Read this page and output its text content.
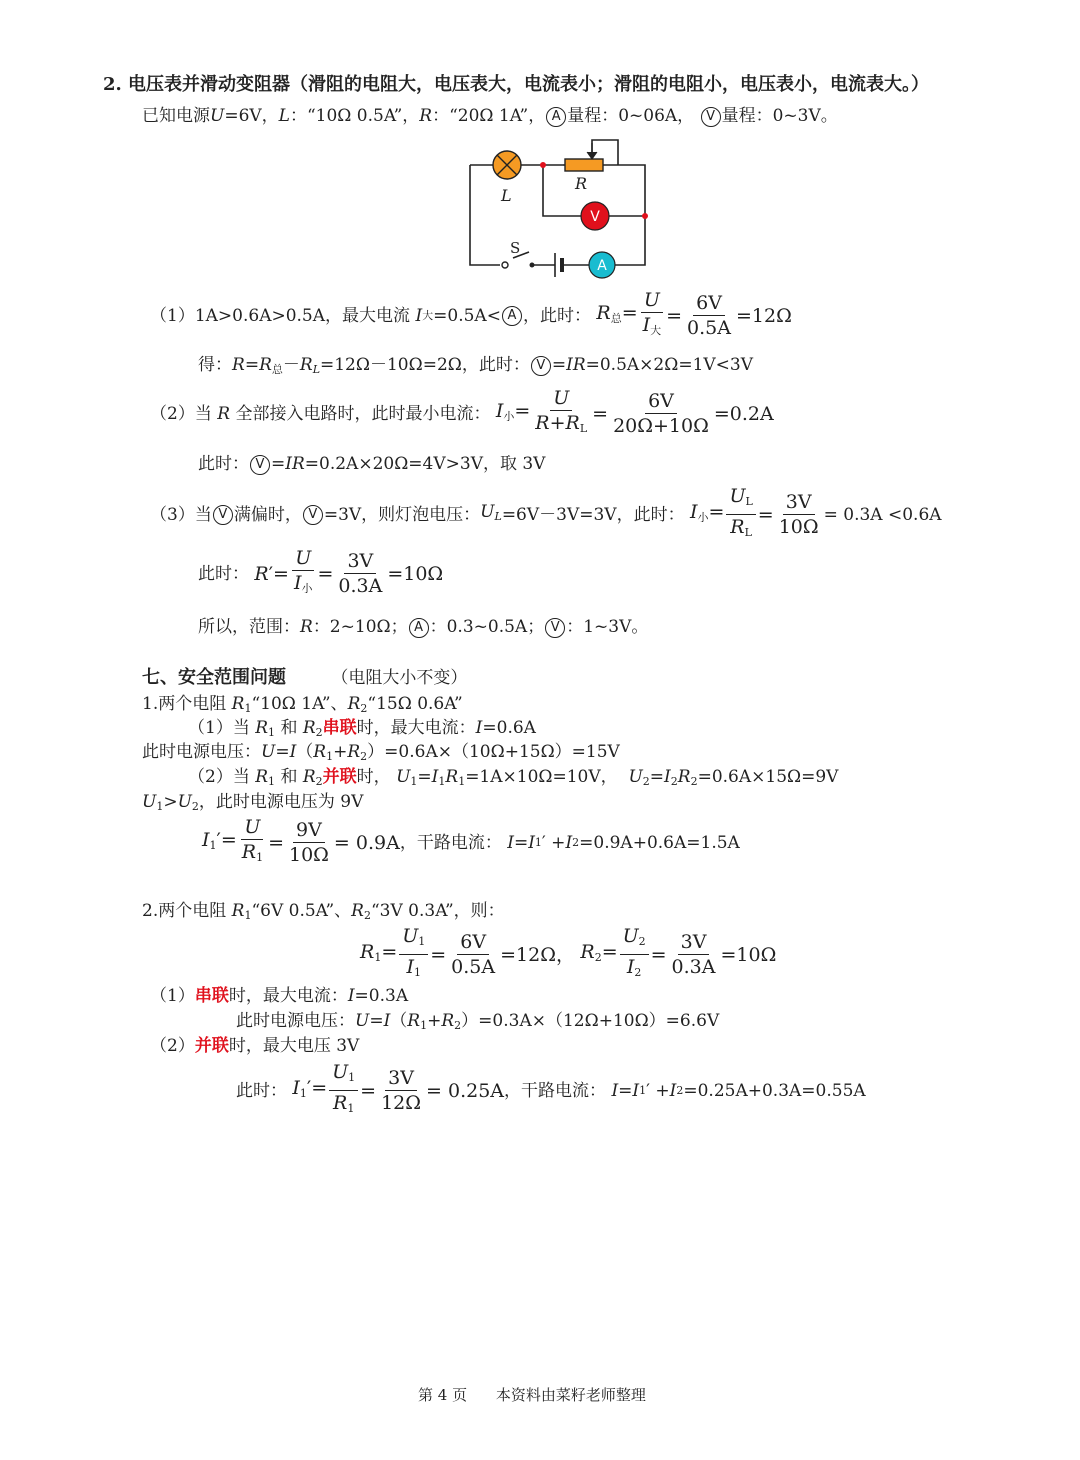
2. 电压表并滑动变阻器（滑阻的电阻大，电压表大，电流表小；滑阻的电阻小，电压表小，电流表大。）
已知电源U=6V，L：“10Ω 0.5A”，R：“20Ω 1A”， A 量程：0~06A， V 量程：0~3V。
V
A
L
R
S
（1）1A>0.6A>0.5A，最大电流
I 大 =0.5A< A ，此时：
$R_总= \frac{U}{I_大} = \frac{6V}{0.5A} =12\Omega$
得：$R=R_总-R_L=12\Omega-10\Omega=2\Omega$，此时： V =IR=0.5A×2Ω=1V<3V
（2）当
R
全部接入电路时，此时最小电流：
$I_小= \frac{U}{R+R_L} = \frac{6V}{20\Omega+10\Omega} =0.2A$
此时： V =IR=0.2A×20Ω=4V>3V，取 3V
（3）当 V 满偏时， V =3V，则灯泡电压： $U_L =6V-3V=3V$，此时：
$I_小= \frac{U_L}{R_L} = \frac{3V}{10\Omega} = 0.3A <0.6A$
此时：
$R'= \frac{U}{I_小} = \frac{3V}{0.3A} =10\Omega$
所以，范围：R：2~10Ω； A ：0.3~0.5A； V ：1~3V。
七、安全范围问题	（电阻大小不变）
1.两个电阻 $R_1“10\Omega$ 1A”、$R_2“15\Omega$ 0.6A”
（1）当 $R_1$ 和 $R_2$串联时，最大电流：I=0.6A
此时电源电压：$U=I(R_1+R_2)=0.6A\times(10\Omega+15\Omega)=15V$
（2）当 $R_1$ 和 $R_2$并联时， $U_1=I_1R_1=1A\times 10\Omega=10V$， $U_2=I_2R_2=0.6A\times 15\Omega=9V$
$U_1>U_2$，此时电源电压为 9V
$I_1'= \frac{U}{R_1} = \frac{9V}{10\Omega} = 0.9A$ ，干路电流：
I = I 1 ′ + I 2 =0.9A+0.6A=1.5A
2.两个电阻 $R_1“6V$ 0.5A”、$R_2“3V$ 0.3A”，则：
$R_1= \frac{U_1}{I_1} = \frac{6V}{0.5A} =12\Omega$，
$R_2= \frac{U_2}{I_2} = \frac{3V}{0.3A} =10\Omega$
（1）串联时，最大电流：I=0.3A
此时电源电压：$U=I(R_1+R_2)=0.3A\times(12\Omega+10\Omega)=6.6V$
（2）并联时，最大电压 3V
此时：
$I_1'= \frac{U_1}{R_1} = \frac{3V}{12\Omega} = 0.25A$ ，干路电流：
I = I 1 ′ + I 2 =0.25A+0.3A=0.55A
第 4 页 本资料由菜籽老师整理
